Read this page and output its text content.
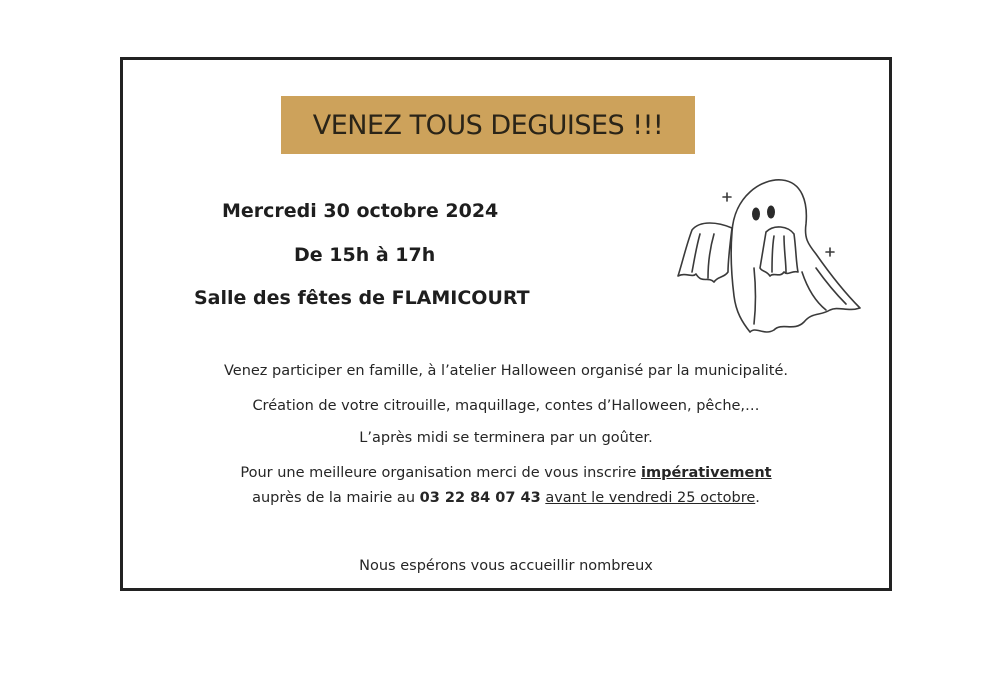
VENEZ TOUS DEGUISES !!!
Mercredi 30 octobre 2024
De 15h à 17h
Salle des fêtes de FLAMICOURT
Venez participer en famille, à l’atelier Halloween organisé par la municipalité.
Création de votre citrouille, maquillage, contes d’Halloween, pêche,…
L’après midi se terminera par un goûter.
Pour une meilleure organisation merci de vous inscrire impérativement
auprès de la mairie au 03 22 84 07 43 avant le vendredi 25 octobre.
Nous espérons vous accueillir nombreux
